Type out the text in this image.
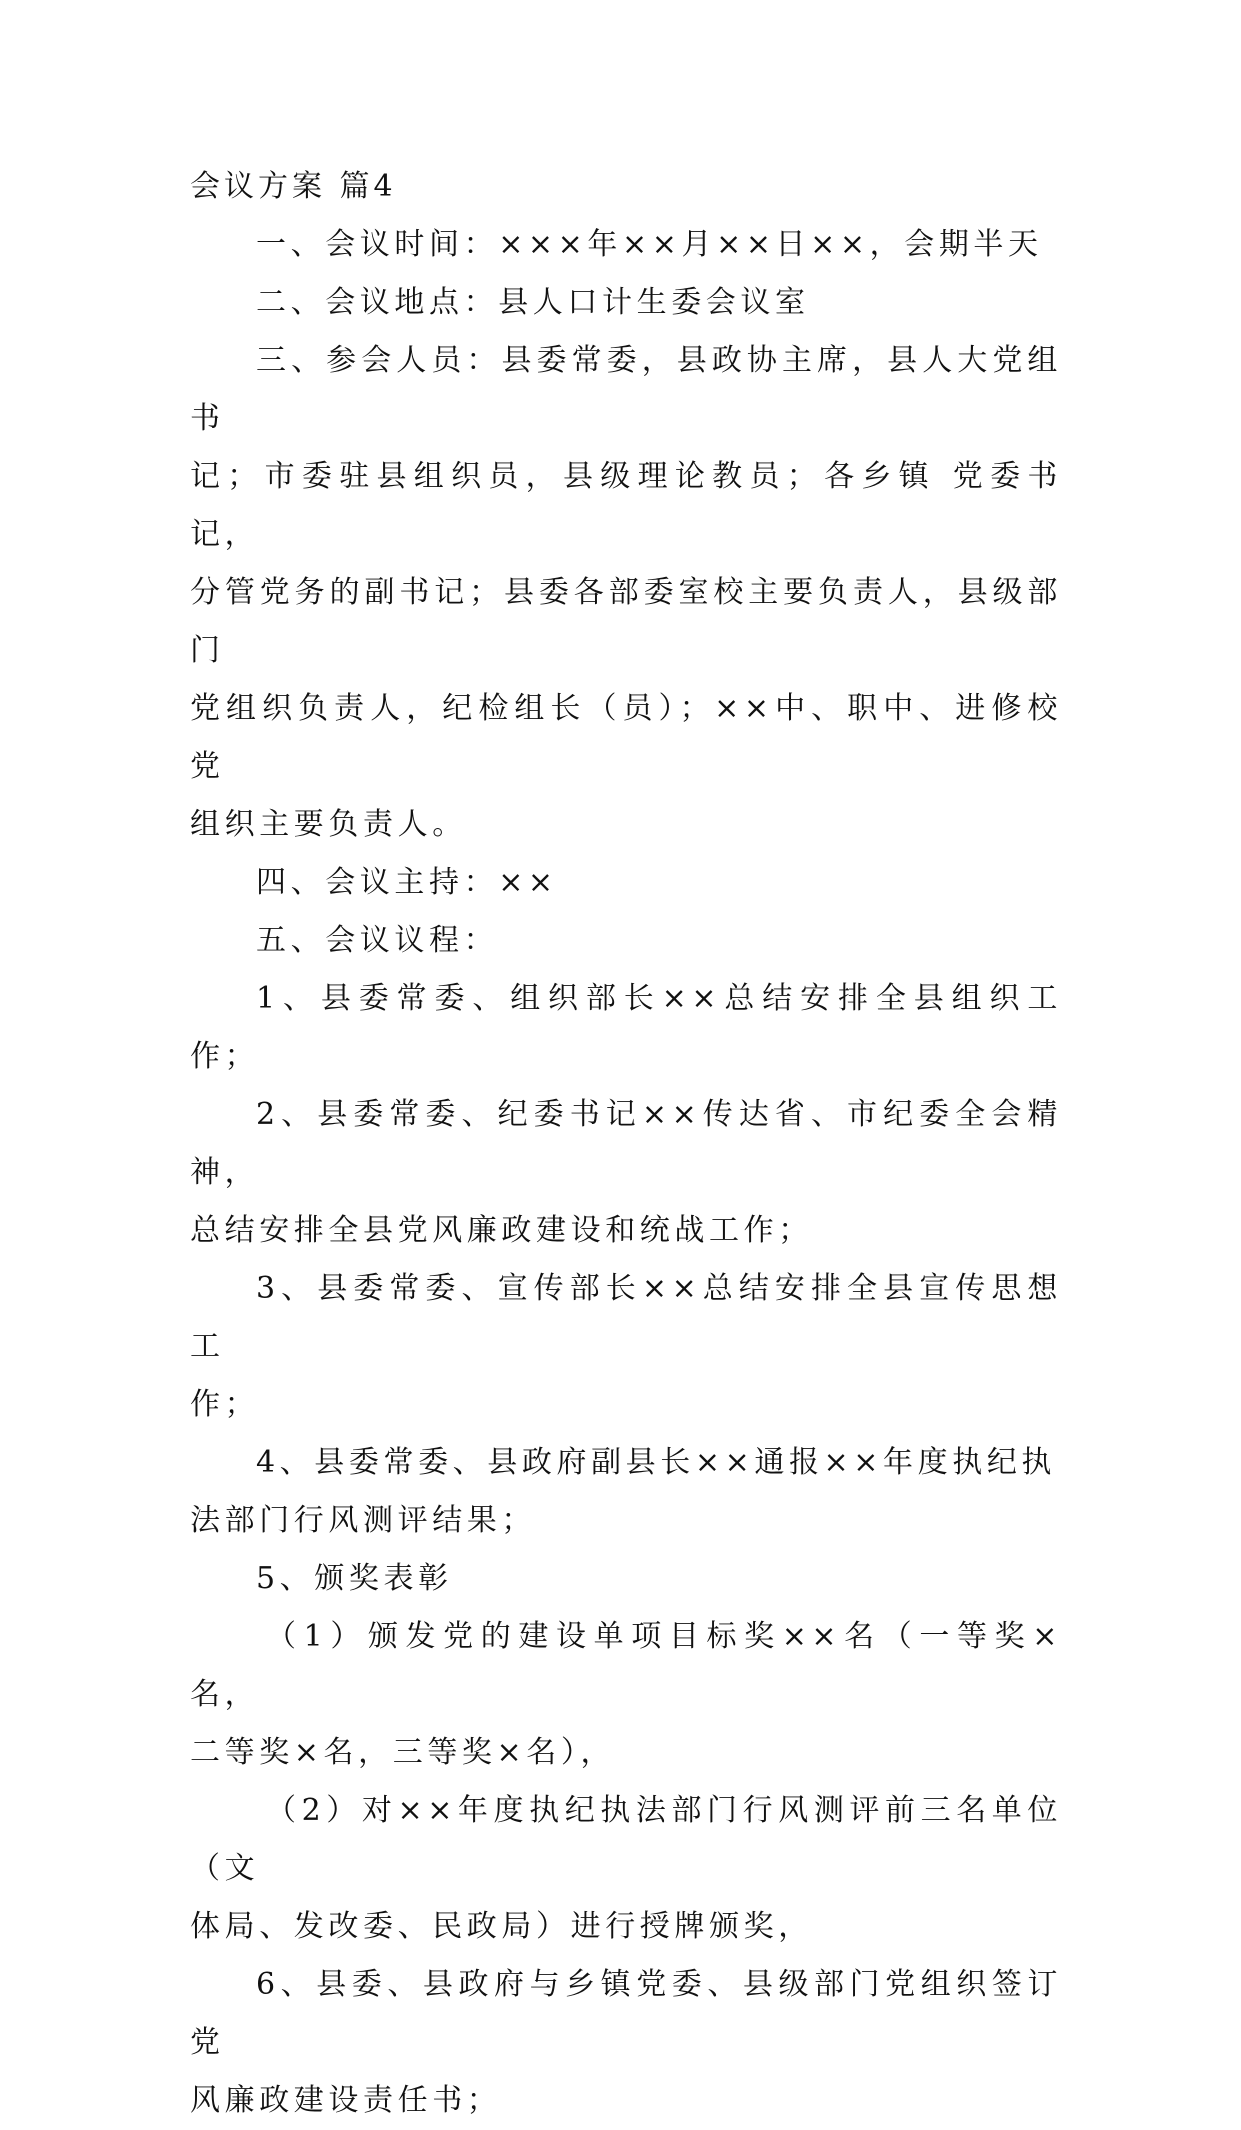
会议方案 篇4
一、会议时间：×××年××月××日××，会期半天
二、会议地点：县人口计生委会议室
三、参会人员：县委常委，县政协主席，县人大党组书
记；市委驻县组织员，县级理论教员；各乡镇 党委书记，
分管党务的副书记；县委各部委室校主要负责人，县级部门
党组织负责人，纪检组长（员）；××中、职中、进修校党
组织主要负责人。
四、会议主持：××
五、会议议程：
1、县委常委、组织部长××总结安排全县组织工作；
2、县委常委、纪委书记××传达省、市纪委全会精神，
总结安排全县党风廉政建设和统战工作；
3、县委常委、宣传部长××总结安排全县宣传思想工
作；
4、县委常委、县政府副县长××通报××年度执纪执
法部门行风测评结果；
5、颁奖表彰
（1）颁发党的建设单项目标奖××名（一等奖×名，
二等奖×名，三等奖×名），
（2）对××年度执纪执法部门行风测评前三名单位（文
体局、发改委、民政局）进行授牌颁奖，
6、县委、县政府与乡镇党委、县级部门党组织签订党
风廉政建设责任书；
